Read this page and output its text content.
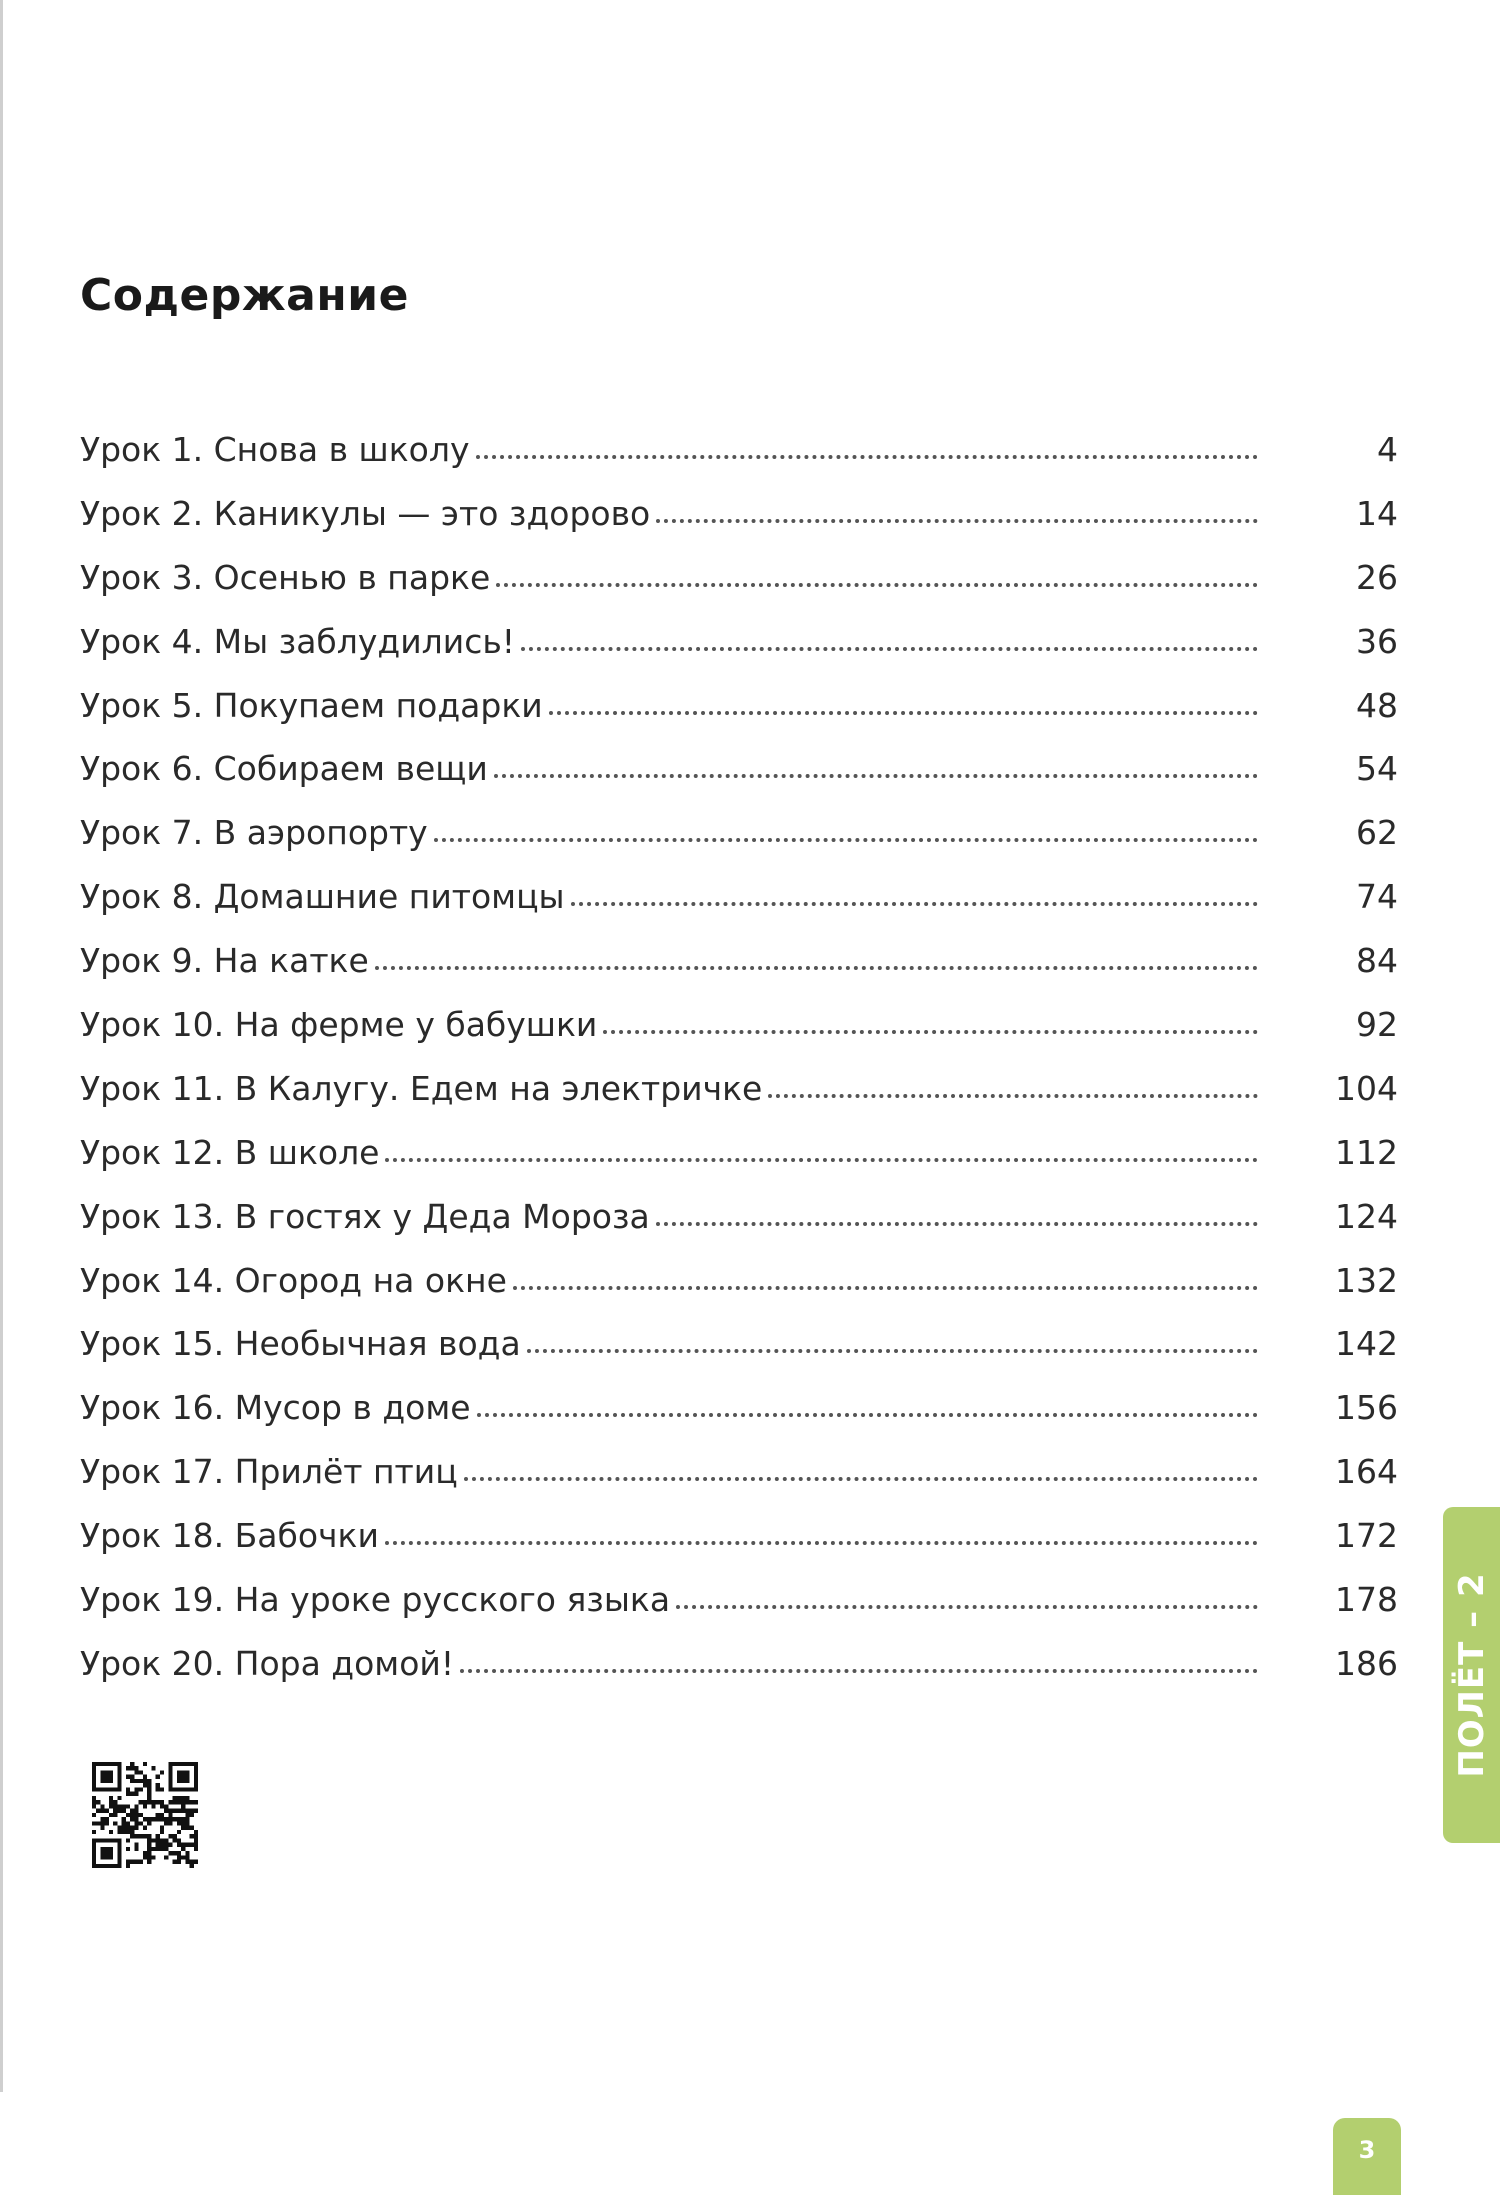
Содержание
Урок 1. Снова в школу	4
Урок 2. Каникулы — это здорово	14
Урок 3. Осенью в парке	26
Урок 4. Мы заблудились!	36
Урок 5. Покупаем подарки	48
Урок 6. Собираем вещи	54
Урок 7. В аэропорту	62
Урок 8. Домашние питомцы	74
Урок 9. На катке	84
Урок 10. На ферме у бабушки	92
Урок 11. В Калугу. Едем на электричке	104
Урок 12. В школе	112
Урок 13. В гостях у Деда Мороза	124
Урок 14. Огород на окне	132
Урок 15. Необычная вода	142
Урок 16. Мусор в доме	156
Урок 17. Прилёт птиц	164
Урок 18. Бабочки	172
Урок 19. На уроке русского языка	178
Урок 20. Пора домой!	186 ПОЛЁТ – 2
3
